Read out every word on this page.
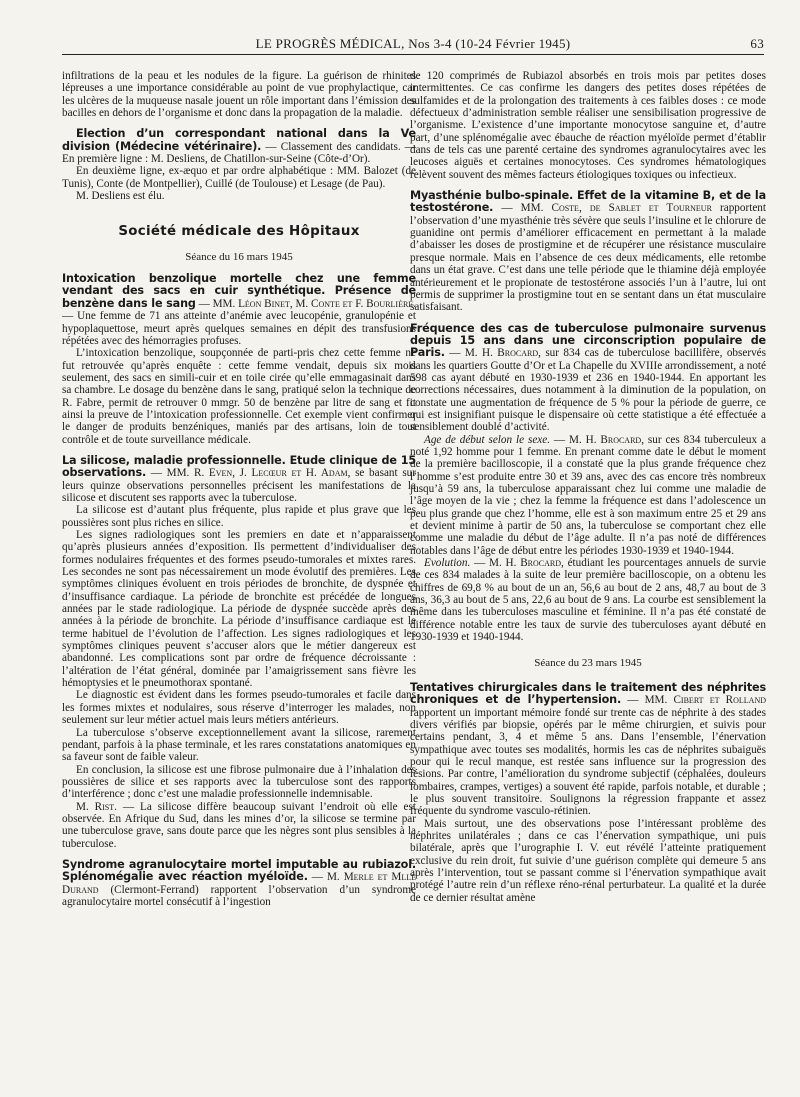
LE PROGRÈS MÉDICAL, Nos 3-4 (10-24 Février 1945)	63

infiltrations de la peau et les nodules de la figure. La guérison de rhinites lépreuses a une importance considérable au point de vue prophylactique, car les ulcères de la muqueuse nasale jouent un rôle important dans l’émission des bacilles en dehors de l’organisme et donc dans la propagation de la maladie.

Election d’un correspondant national dans la Ve division (Médecine vétérinaire). — Classement des candidats. — En première ligne : M. Desliens, de Chatillon-sur-Seine (Côte-d’Or).

En deuxième ligne, ex-æquo et par ordre alphabétique : MM. Balozet (de Tunis), Conte (de Montpellier), Cuillé (de Toulouse) et Lesage (de Pau).

M. Desliens est élu.

Société médicale des Hôpitaux
Séance du 16 mars 1945

Intoxication benzolique mortelle chez une femme vendant des sacs en cuir synthétique. Présence de benzène dans le sang — MM. Léon Binet, M. Conte et F. Bourlière. — Une femme de 71 ans atteinte d’anémie avec leucopénie, granulopénie et hypoplaquettose, meurt après quelques semaines en dépit des transfusions répétées avec des hémorragies profuses.

L’intoxication benzolique, soupçonnée de parti-pris chez cette femme ne fut retrouvée qu’après enquête : cette femme vendait, depuis six mois seulement, des sacs en simili-cuir et en toile cirée qu’elle emmagasinait dans sa chambre. Le dosage du benzène dans le sang, pratiqué selon la technique de R. Fabre, permit de retrouver 0 mmgr. 50 de benzène par litre de sang et fit ainsi la preuve de l’intoxication professionnelle. Cet exemple vient confirmer le danger de produits benzéniques, maniés par des artisans, loin de tout contrôle et de toute surveillance médicale.

La silicose, maladie professionnelle. Etude clinique de 15 observations. — MM. R. Even, J. Lecœur et H. Adam, se basant sur leurs quinze observations personnelles précisent les manifestations de la silicose et discutent ses rapports avec la tuberculose.

La silicose est d’autant plus fréquente, plus rapide et plus grave que les poussières sont plus riches en silice.

Les signes radiologiques sont les premiers en date et n’apparaissent qu’après plusieurs années d’exposition. Ils permettent d’individualiser des formes nodulaires fréquentes et des formes pseudo-tumorales et mixtes rares. Les secondes ne sont pas nécessairement un mode évolutif des premières. Les symptômes cliniques évoluent en trois périodes de bronchite, de dyspnée et d’insuffisance cardiaque. La période de bronchite est précédée de longues années par le stade radiologique. La période de dyspnée succède après des années à la période de bronchite. La période d’insuffisance cardiaque est le terme habituel de l’évolution de l’affection. Les signes radiologiques et les symptômes cliniques peuvent s’accuser alors que le métier dangereux est abandonné. Les complications sont par ordre de fréquence décroissante : l’altération de l’état général, dominée par l’amaigrissement sans fièvre les hémoptysies et le pneumothorax spontané.

Le diagnostic est évident dans les formes pseudo-tumorales et facile dans les formes mixtes et nodulaires, sous réserve d’interroger les malades, non seulement sur leur métier actuel mais leurs métiers antérieurs.

La tuberculose s’observe exceptionnellement avant la silicose, rarement pendant, parfois à la phase terminale, et les rares constatations anatomiques en sa faveur sont de faible valeur.

En conclusion, la silicose est une fibrose pulmonaire due à l’inhalation des poussières de silice et ses rapports avec la tuberculose sont des rapports d’interférence ; donc c’est une maladie professionnelle indemnisable.

M. Rist. — La silicose diffère beaucoup suivant l’endroit où elle est observée. En Afrique du Sud, dans les mines d’or, la silicose se termine par une tuberculose grave, sans doute parce que les nègres sont plus sensibles à la tuberculose.

Syndrome agranulocytaire mortel imputable au rubiazol. Splénomégalie avec réaction myéloïde. — M. Merle et Mlle Durand (Clermont-Ferrand) rapportent l’observation d’un syndrome agranulocytaire mortel consécutif à l’ingestion

de 120 comprimés de Rubiazol absorbés en trois mois par petites doses intermittentes. Ce cas confirme les dangers des petites doses répétées de sulfamides et de la prolongation des traitements à ces faibles doses : ce mode défectueux d’administration semble réaliser une sensibilisation progressive de l’organisme. L’existence d’une importante monocytose sanguine et, d’autre part, d’une splénomégalie avec ébauche de réaction myéloïde permet d’établir dans de tels cas une parenté certaine des syndromes agranulocytaires avec les leucoses aiguës et certaines monocytoses. Ces syndromes hématologiques relèvent souvent des mêmes facteurs étiologiques toxiques ou infectieux.

Myasthénie bulbo-spinale. Effet de la vitamine B, et de la testostérone. — MM. Coste, de Sablet et Tourneur rapportent l’observation d’une myasthénie très sévère que seuls l’insuline et le chlorure de guanidine ont permis d’améliorer efficacement en permettant à la malade d’abaisser les doses de prostigmine et de récupérer une résistance musculaire presque normale. Mais en l’absence de ces deux médicaments, elle retombe dans un état grave. C’est dans une telle période que le thiamine déjà employée antérieurement et le propionate de testostérone associés l’un à l’autre, lui ont permis de supprimer la prostigmine tout en se sentant dans un état musculaire satisfaisant.

Fréquence des cas de tuberculose pulmonaire survenus depuis 15 ans dans une circonscription populaire de Paris. — M. H. Brocard, sur 834 cas de tuberculose bacillifère, observés dans les quartiers Goutte d’Or et La Chapelle du XVIIIe arrondissement, a noté 598 cas ayant débuté en 1930-1939 et 236 en 1940-1944. En apportant les corrections nécessaires, dues notamment à la diminution de la population, on constate une augmentation de fréquence de 5 % pour la période de guerre, ce qui est insignifiant puisque le dispensaire où cette statistique a été effectuée a sensiblement doublé d’activité.

Age de début selon le sexe. — M. H. Brocard, sur ces 834 tuberculeux a noté 1,92 homme pour 1 femme. En prenant comme date le début le moment de la première bacilloscopie, il a constaté que la plus grande fréquence chez l’homme s’est produite entre 30 et 39 ans, avec des cas encore très nombreux jusqu’à 59 ans, la tuberculose apparaissant chez lui comme une maladie de l’âge moyen de la vie ; chez la femme la fréquence est dans l’adolescence un peu plus grande que chez l’homme, elle est à son maximum entre 25 et 29 ans et devient minime à partir de 50 ans, la tuberculose se comportant chez elle comme une maladie du début de l’âge adulte. Il n’a pas noté de différences notables dans l’âge de début entre les périodes 1930-1939 et 1940-1944.

Evolution. — M. H. Brocard, étudiant les pourcentages annuels de survie de ces 834 malades à la suite de leur première bacilloscopie, on a obtenu les chiffres de 69,8 % au bout de un an, 56,6 au bout de 2 ans, 48,7 au bout de 3 ans, 36,3 au bout de 5 ans, 22,6 au bout de 9 ans. La courbe est sensiblement la même dans les tuberculoses masculine et féminine. Il n’a pas été constaté de différence notable entre les taux de survie des tuberculoses ayant débuté en 1930-1939 et 1940-1944.

Séance du 23 mars 1945

Tentatives chirurgicales dans le traitement des néphrites chroniques et de l’hypertension. — MM. Cibert et Rolland rapportent un important mémoire fondé sur trente cas de néphrite à des stades divers vérifiés par biopsie, opérés par le même chirurgien, et suivis pour certains pendant, 3, 4 et même 5 ans. Dans l’ensemble, l’énervation sympathique avec toutes ses modalités, hormis les cas de néphrites subaiguës pour qui le recul manque, est restée sans influence sur la progression des lésions. Par contre, l’amélioration du syndrome subjectif (céphalées, douleurs lombaires, crampes, vertiges) a souvent été rapide, parfois notable, et durable ; le plus souvent transitoire. Soulignons la régression frappante et assez fréquente du syndrome vasculo-rétinien.

Mais surtout, une des observations pose l’intéressant problème des néphrites unilatérales ; dans ce cas l’énervation sympathique, uni puis bilatérale, après que l’urographie I. V. eut révélé l’atteinte pratiquement exclusive du rein droit, fut suivie d’une guérison complète qui demeure 5 ans après l’intervention, tout se passant comme si l’énervation sympathique avait protégé l’autre rein d’un réflexe réno-rénal perturbateur. La qualité et la durée de ce dernier résultat amène
